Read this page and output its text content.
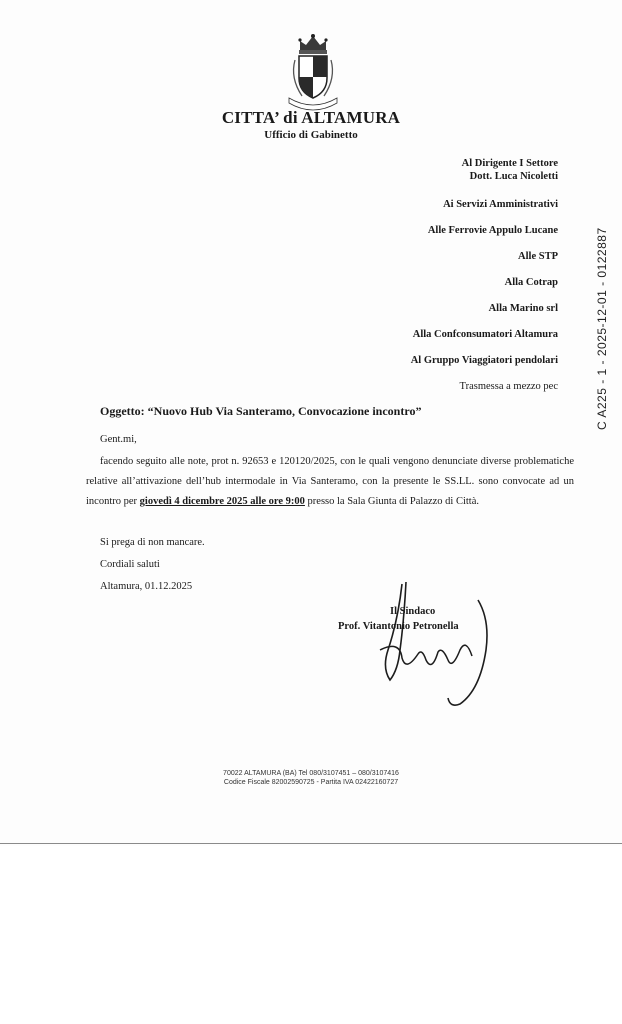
CITTA’ di ALTAMURA
Ufficio di Gabinetto

Al Dirigente I Settore

Dott. Luca Nicoletti

Ai Servizi Amministrativi

Alle Ferrovie Appulo Lucane

Alle STP

Alla Cotrap

Alla Marino srl

Alla Confconsumatori Altamura

Al Gruppo Viaggiatori pendolari

Trasmessa a mezzo pec	C A225 - 1 - 2025-12-01 - 0122887
Oggetto: “Nuovo Hub Via Santeramo, Convocazione incontro”
Gent.mi,
facendo seguito alle note, prot n. 92653 e 120120/2025, con le quali vengono denunciate diverse problematiche relative all’attivazione dell’hub intermodale in Via Santeramo, con la presente le SS.LL. sono convocate ad un incontro per giovedì 4 dicembre 2025 alle ore 9:00 presso la Sala Giunta di Palazzo di Città.

Si prega di non mancare.

Cordiali saluti

Altamura, 01.12.2025

Il Sindaco
Prof. Vitantonio Petronella
70022 ALTAMURA (BA) Tel 080/3107451 – 080/3107416
Codice Fiscale 82002590725 - Partita IVA 02422160727
